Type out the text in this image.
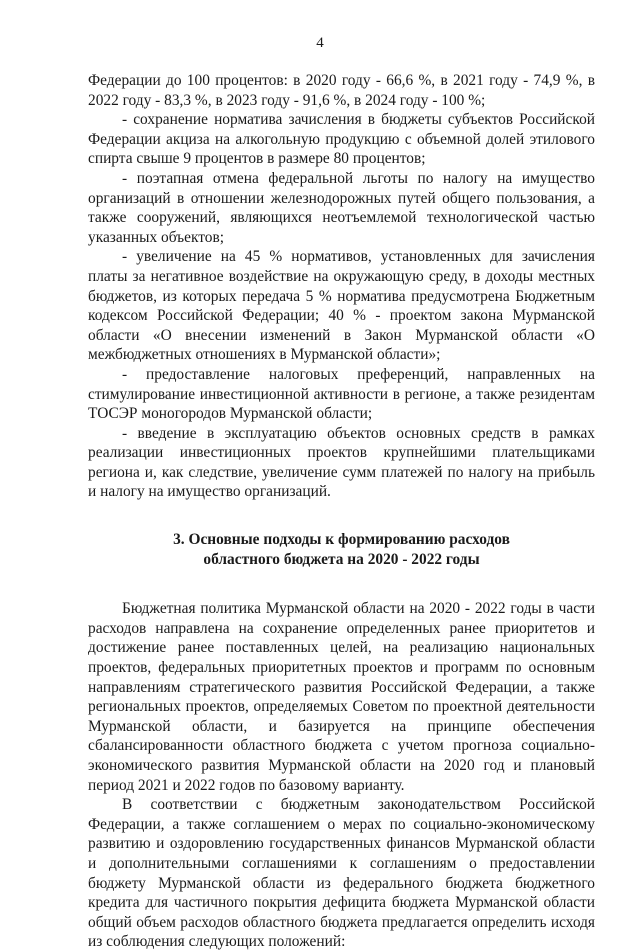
4

Федерации до 100 процентов: в 2020 году - 66,6 %, в 2021 году - 74,9 %, в 2022 году - 83,3 %, в 2023 году - 91,6 %, в 2024 году - 100 %;

- сохранение норматива зачисления в бюджеты субъектов Российской Федерации акциза на алкогольную продукцию с объемной долей этилового спирта свыше 9 процентов в размере 80 процентов;

- поэтапная отмена федеральной льготы по налогу на имущество организаций в отношении железнодорожных путей общего пользования, а также сооружений, являющихся неотъемлемой технологической частью указанных объектов;

- увеличение на 45 % нормативов, установленных для зачисления платы за негативное воздействие на окружающую среду, в доходы местных бюджетов, из которых передача 5 % норматива предусмотрена Бюджетным кодексом Российской Федерации; 40 % - проектом закона Мурманской области «О внесении изменений в Закон Мурманской области «О межбюджетных отношениях в Мурманской области»;

- предоставление налоговых преференций, направленных на стимулирование инвестиционной активности в регионе, а также резидентам ТОСЭР моногородов Мурманской области;

- введение в эксплуатацию объектов основных средств в рамках реализации инвестиционных проектов крупнейшими плательщиками региона и, как следствие, увеличение сумм платежей по налогу на прибыль и налогу на имущество организаций.

3. Основные подходы к формированию расходов
областного бюджета на 2020 - 2022 годы

Бюджетная политика Мурманской области на 2020 - 2022 годы в части расходов направлена на сохранение определенных ранее приоритетов и достижение ранее поставленных целей, на реализацию национальных проектов, федеральных приоритетных проектов и программ по основным направлениям стратегического развития Российской Федерации, а также региональных проектов, определяемых Советом по проектной деятельности Мурманской области, и базируется на принципе обеспечения сбалансированности областного бюджета с учетом прогноза социально-экономического развития Мурманской области на 2020 год и плановый период 2021 и 2022 годов по базовому варианту.

В соответствии с бюджетным законодательством Российской Федерации, а также соглашением о мерах по социально-экономическому развитию и оздоровлению государственных финансов Мурманской области и дополнительными соглашениями к соглашениям о предоставлении бюджету Мурманской области из федерального бюджета бюджетного кредита для частичного покрытия дефицита бюджета Мурманской области общий объем расходов областного бюджета предлагается определить исходя из соблюдения следующих положений:
